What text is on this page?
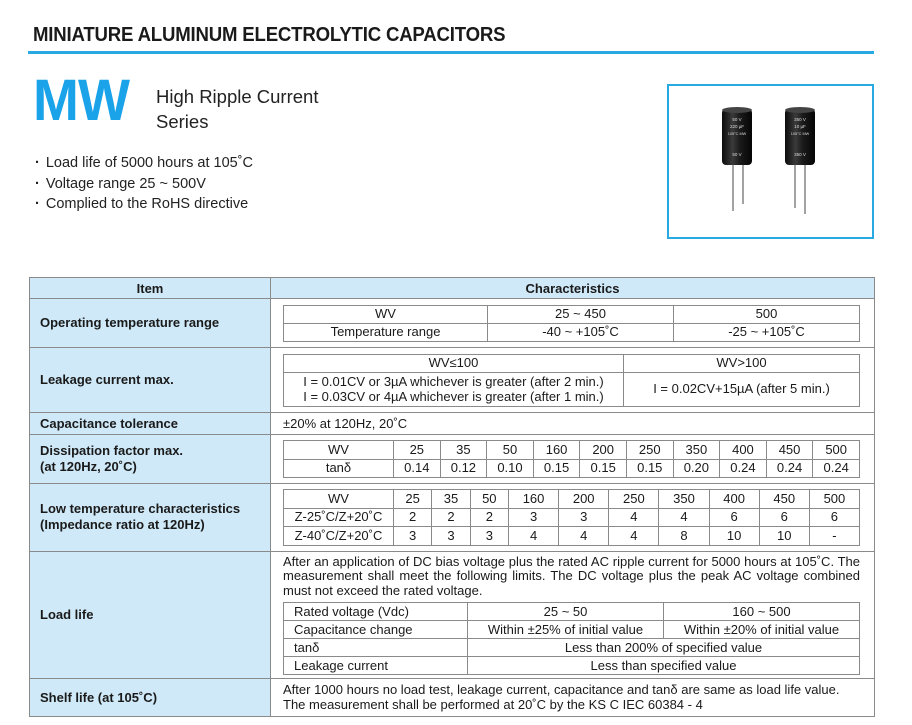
MINIATURE ALUMINUM ELECTROLYTIC CAPACITORS
MW High Ripple Current
Series
· Load life of 5000 hours at 105˚C
· Voltage range 25 ~ 500V
· Complied to the RoHS directive
50 V
220 µF
105°C MW
50 V
350 V
10 µF
105°C MW
350 V
Item	Characteristics
Operating temperature range	
WV	25 ~ 450	500
Temperature range	-40 ~ +105˚C	-25 ~ +105˚C

Leakage current max.	
WV≤100	WV>100

I = 0.01CV or 3µA whichever is greater (after 2 min.)
I = 0.03CV or 4µA whichever is greater (after 1 min.)
	I = 0.02CV+15µA (after 5 min.)

Capacitance tolerance	±20% at 120Hz, 20˚C

Dissipation factor max.
(at 120Hz, 20˚C)

WV	25	35	50	160	200	250	350	400	450	500
tanδ	0.14	0.12	0.10	0.15	0.15	0.15	0.20	0.24	0.24	0.24

Low temperature characteristics
(Impedance ratio at 120Hz)

WV	25	35	50	160	200	250	350	400	450	500
Z-25˚C/Z+20˚C	2	2	2	3	3	4	4	6	6	6
Z-40˚C/Z+20˚C	3	3	3	4	4	4	8	10	10	-

Load life	
After an application of DC bias voltage plus the rated AC ripple current for 5000 hours at 105˚C. The measurement shall meet the following limits. The DC voltage plus the peak AC voltage combined must not exceed the rated voltage.
Rated voltage (Vdc)	25 ~ 50	160 ~ 500
Capacitance change	Within ±25% of initial value	Within ±20% of initial value
tanδ	Less than 200% of specified value
Leakage current	Less than specified value

Shelf life (at 105˚C)	After 1000 hours no load test, leakage current, capacitance and tanδ are same as load life value.
The measurement shall be performed at 20˚C by the KS C IEC 60384 - 4
